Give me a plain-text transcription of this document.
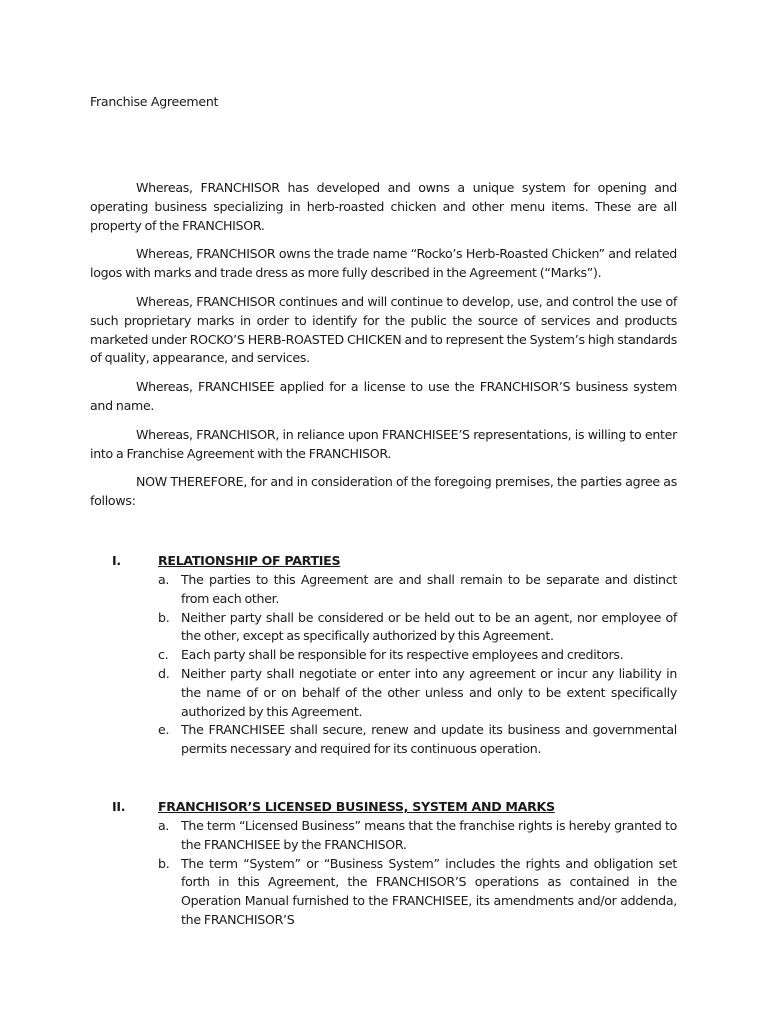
Franchise Agreement

Whereas, FRANCHISOR has developed and owns a unique system for opening and operating business specializing in herb-roasted chicken and other menu items. These are all property of the FRANCHISOR.

Whereas, FRANCHISOR owns the trade name “Rocko’s Herb-Roasted Chicken” and related logos with marks and trade dress as more fully described in the Agreement (“Marks”).

Whereas, FRANCHISOR continues and will continue to develop, use, and control the use of such proprietary marks in order to identify for the public the source of services and products marketed under ROCKO’S HERB-ROASTED CHICKEN and to represent the System’s high standards of quality, appearance, and services.

Whereas, FRANCHISEE applied for a license to use the FRANCHISOR’S business system and name.

Whereas, FRANCHISOR, in reliance upon FRANCHISEE’S representations, is willing to enter into a Franchise Agreement with the FRANCHISOR.

NOW THEREFORE, for and in consideration of the foregoing premises, the parties agree as follows:

I.	RELATIONSHIP OF PARTIES
a. The parties to this Agreement are and shall remain to be separate and distinct from each other.
b. Neither party shall be considered or be held out to be an agent, nor employee of the other, except as specifically authorized by this Agreement.
c. Each party shall be responsible for its respective employees and creditors.
d. Neither party shall negotiate or enter into any agreement or incur any liability in the name of or on behalf of the other unless and only to be extent specifically authorized by this Agreement.
e. The FRANCHISEE shall secure, renew and update its business and governmental permits necessary and required for its continuous operation.
II.	FRANCHISOR’S LICENSED BUSINESS, SYSTEM AND MARKS
a. The term “Licensed Business” means that the franchise rights is hereby granted to the FRANCHISEE by the FRANCHISOR.
b. The term “System” or “Business System” includes the rights and obligation set forth in this Agreement, the FRANCHISOR’S operations as contained in the Operation Manual furnished to the FRANCHISEE, its amendments and/or addenda, the FRANCHISOR’S
